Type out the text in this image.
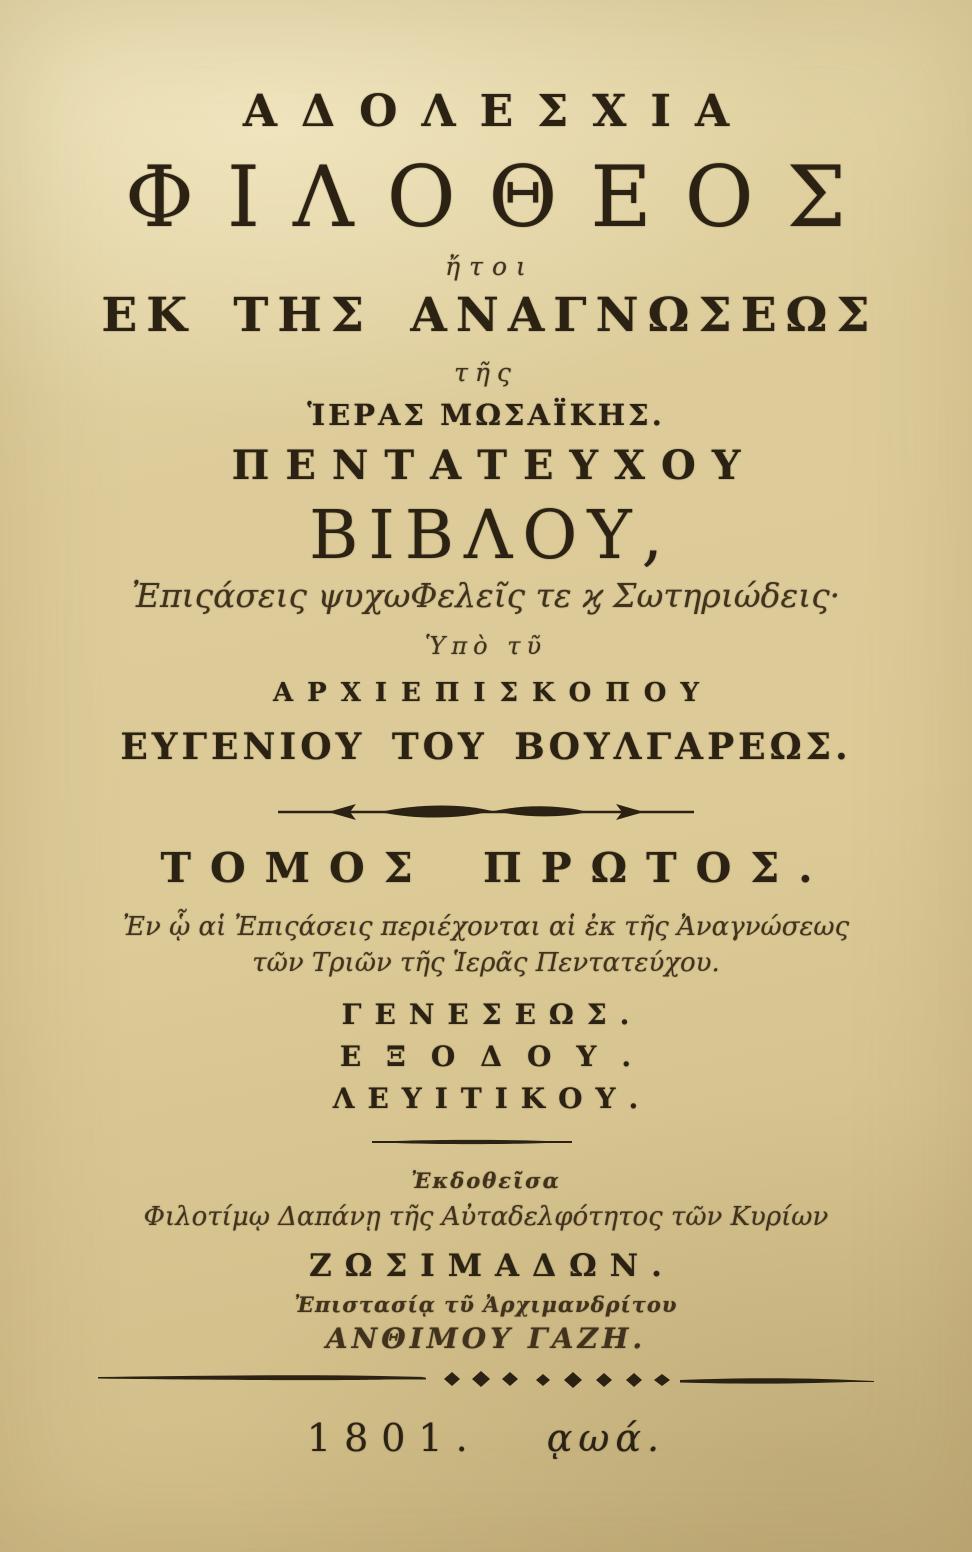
ΑΔΟΛΕΣΧΙΑ
ΦΙΛΟΘΕΟΣ
ἤτοι
ΕΚ ΤΗΣ ΑΝΑΓΝΩΣΕΩΣ
τῆς
ἹΕΡΑΣ ΜΩΣΑΪΚΗΣ.
ΠΕΝΤΑΤΕΥΧΟΥ
ΒΙΒΛΟΥ,
Ἐπιςάσεις ψυχωΦελεῖς τε ϗ Σωτηριώδεις·
Ὑπὸ τῦ
ΑΡΧΙΕΠΙΣΚΟΠΟΥ
ΕΥΓΕΝΙΟΥ ΤΟΥ ΒΟΥΛΓΑΡΕΩΣ.
ΤΟΜΟΣ ΠΡΩΤΟΣ.
Ἐν ᾧ αἱ Ἐπιςάσεις περιέχονται αἱ ἐκ τῆς Ἀναγνώσεως
τῶν Τριῶν τῆς Ἱερᾶς Πεντατεύχου.
ΓΕΝΕΣΕΩΣ.
ΕΞΟΔΟΥ.
ΛΕΥΙΤΙΚΟΥ.
Ἐκδοθεῖσα
Φιλοτίμῳ Δαπάνῃ τῆς Αὐταδελφότητος τῶν Κυρίων
ΖΩΣΙΜΑΔΩΝ.
Ἐπιστασίᾳ τῦ Ἀρχιμανδρίτου
ΑΝΘΙΜΟΥ ΓΑΖΗ.
1801. ᾳωά.
